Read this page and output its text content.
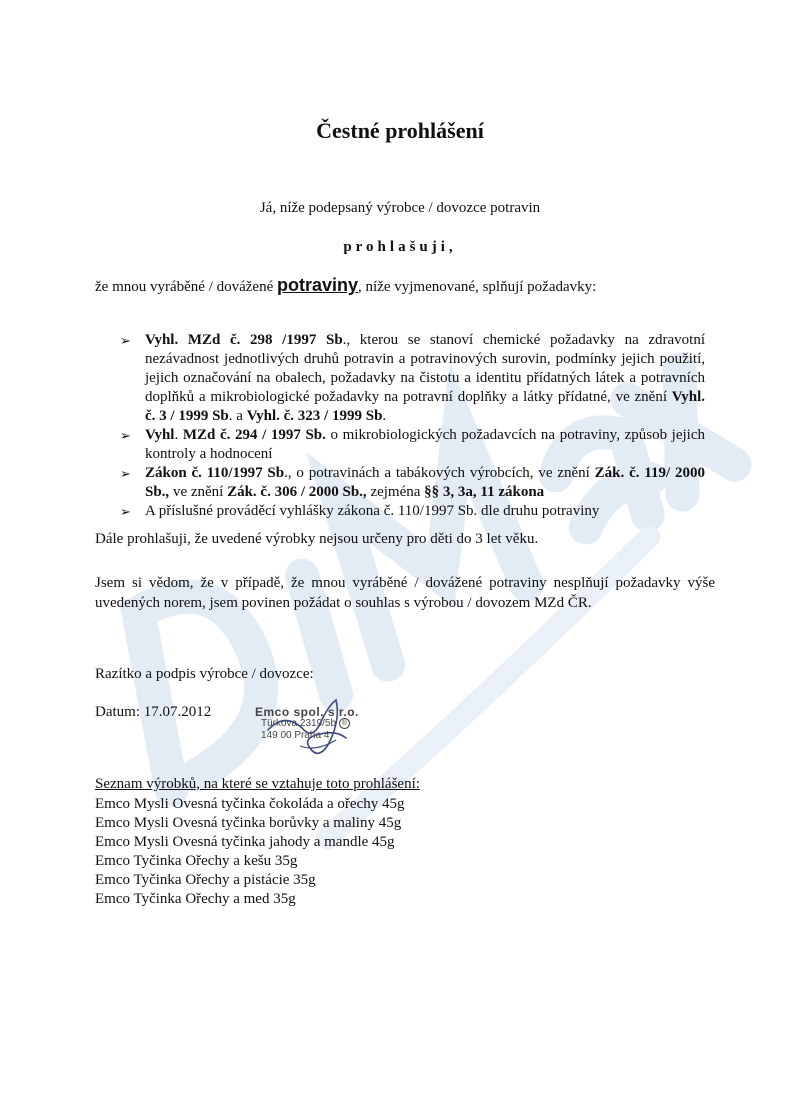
Čestné prohlášení
Já, níže podepsaný výrobce / dovozce potravin
prohlašuji,
že mnou vyráběné / dovážené potraviny, níže vyjmenované, splňují požadavky:
➢ Vyhl. MZd č. 298 /1997 Sb., kterou se stanoví chemické požadavky na zdravotní nezávadnost jednotlivých druhů potravin a potravinových surovin, podmínky jejich použití, jejich označování na obalech, požadavky na čistotu a identitu přídatných látek a potravních doplňků a mikrobiologické požadavky na potravní doplňky a látky přídatné, ve znění Vyhl. č. 3 / 1999 Sb. a Vyhl. č. 323 / 1999 Sb.
➢ Vyhl. MZd č. 294 / 1997 Sb. o mikrobiologických požadavcích na potraviny, způsob jejich kontroly a hodnocení
➢ Zákon č. 110/1997 Sb., o potravinách a tabákových výrobcích, ve znění Zák. č. 119/ 2000 Sb., ve znění Zák. č. 306 / 2000 Sb., zejména §§ 3, 3a, 11 zákona
➢ A příslušné prováděcí vyhlášky zákona č. 110/1997 Sb. dle druhu potraviny
Dále prohlašuji, že uvedené výrobky nejsou určeny pro děti do 3 let věku.
Jsem si vědom, že v případě, že mnou vyráběné / dovážené potraviny nesplňují požadavky výše uvedených norem, jsem povinen požádat o souhlas s výrobou / dovozem MZd ČR.
Razítko a podpis výrobce / dovozce:
Datum: 17.07.2012	Emco spol. s r.o.
Türkova 2319/5b ®
149 00 Praha 4
Seznam výrobků, na které se vztahuje toto prohlášení:
Emco Mysli Ovesná tyčinka čokoláda a ořechy 45g
Emco Mysli Ovesná tyčinka borůvky a maliny 45g
Emco Mysli Ovesná tyčinka jahody a mandle 45g
Emco Tyčinka Ořechy a kešu 35g
Emco Tyčinka Ořechy a pistácie 35g
Emco Tyčinka Ořechy a med 35g
